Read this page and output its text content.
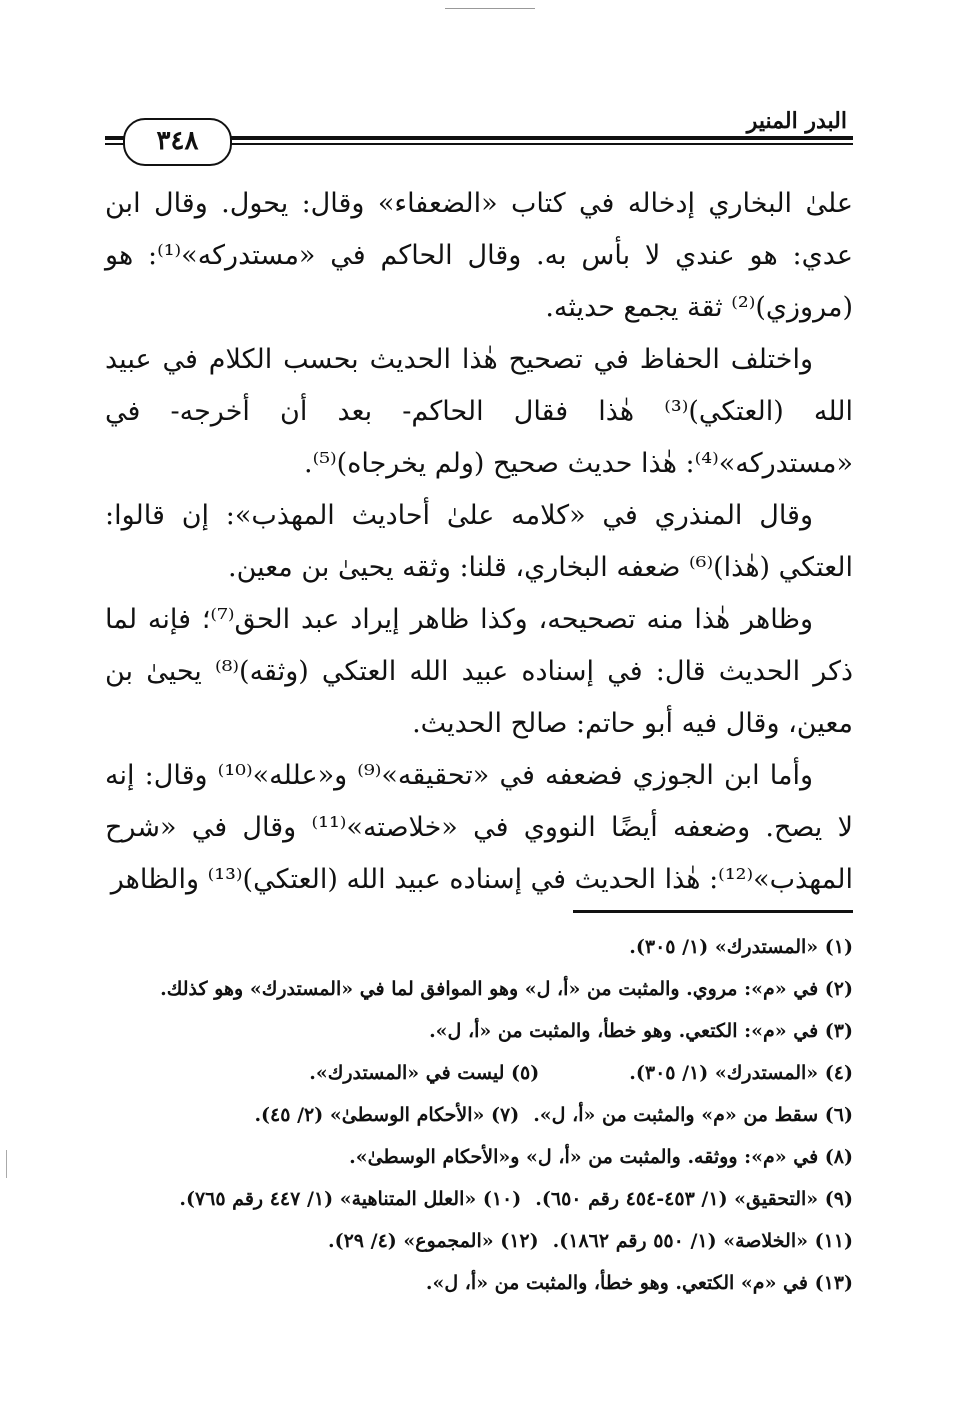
البدر المنير
٣٤٨

علىٰ البخاري إدخاله في كتاب «الضعفاء» وقال: يحول. وقال ابن عدي: هو عندي لا بأس به. وقال الحاكم في «مستدركه»⁽¹⁾: هو (مروزي)⁽²⁾ ثقة يجمع حديثه.

واختلف الحفاظ في تصحيح هٰذا الحديث بحسب الكلام في عبيد الله (العتكي)⁽³⁾ هٰذا فقال الحاكم- بعد أن أخرجه- في «مستدركه»⁽⁴⁾: هٰذا حديث صحيح (ولم يخرجاه)⁽⁵⁾.

وقال المنذري في «كلامه علىٰ أحاديث المهذب»: إن قالوا: العتكي (هٰذا)⁽⁶⁾ ضعفه البخاري، قلنا: وثقه يحيىٰ بن معين.

وظاهر هٰذا منه تصحيحه، وكذا ظاهر إيراد عبد الحق⁽⁷⁾؛ فإنه لما ذكر الحديث قال: في إسناده عبيد الله العتكي (وثقه)⁽⁸⁾ يحيىٰ بن معين، وقال فيه أبو حاتم: صالح الحديث.

وأما ابن الجوزي فضعفه في «تحقيقه»⁽⁹⁾ و«علله»⁽¹⁰⁾ وقال: إنه لا يصح. وضعفه أيضًا النووي في «خلاصته»⁽¹¹⁾ وقال في «شرح المهذب»⁽¹²⁾: هٰذا الحديث في إسناده عبيد الله (العتكي)⁽¹³⁾ والظاهر

(١) «المستدرك» (١/ ٣٠٥).
(٢) في «م»: مروي. والمثبت من «أ، ل» وهو الموافق لما في «المستدرك» وهو كذلك.
(٣) في «م»: الكتعي. وهو خطأ، والمثبت من «أ، ل».
(٤) «المستدرك» (١/ ٣٠٥).(٥) ليست في «المستدرك».
(٦) سقط من «م» والمثبت من «أ، ل».(٧) «الأحكام الوسطىٰ» (٢/ ٤٥).
(٨) في «م»: ووثقه. والمثبت من «أ، ل» و«الأحكام الوسطىٰ».
(٩) «التحقيق» (١/ ٤٥٣-٤٥٤ رقم ٦٥٠).(١٠) «العلل المتناهية» (١/ ٤٤٧ رقم ٧٦٥).
(١١) «الخلاصة» (١/ ٥٥٠ رقم ١٨٦٢).(١٢) «المجموع» (٤/ ٢٩).
(١٣) في «م» الكتعي. وهو خطأ، والمثبت من «أ، ل».
